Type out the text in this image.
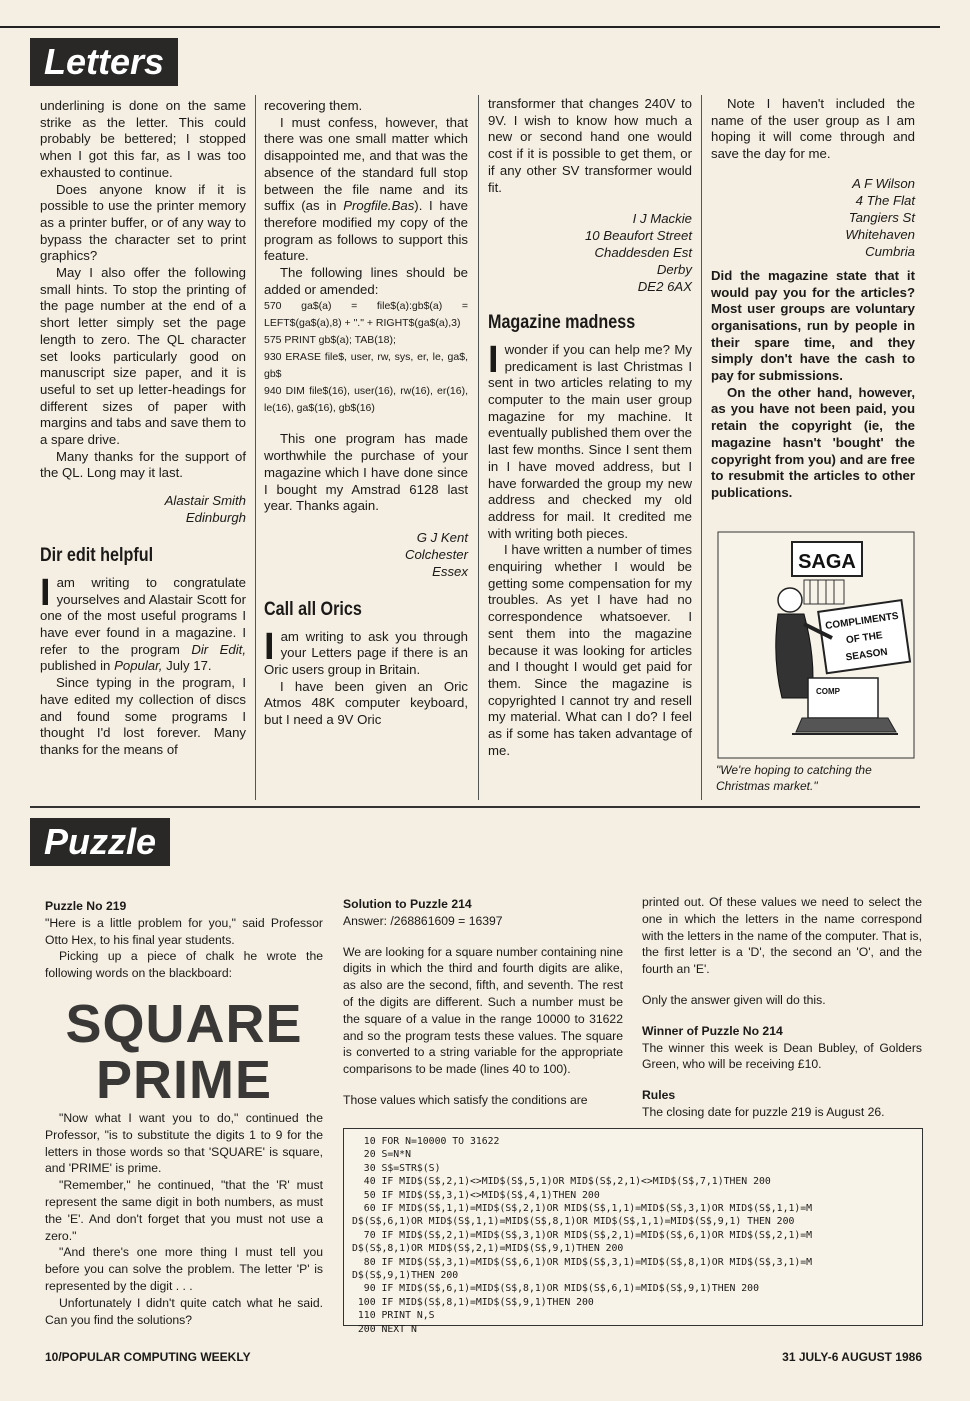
Letters

underlining is done on the same strike as the letter. This could probably be bettered; I stopped when I got this far, as I was too exhausted to continue.

Does anyone know if it is possible to use the printer memory as a printer buffer, or of any way to bypass the character set to print graphics?

May I also offer the following small hints. To stop the printing of the page number at the end of a short letter simply set the page length to zero. The QL character set looks particularly good on manuscript size paper, and it is useful to set up letter-headings for different sizes of paper with margins and tabs and save them to a spare drive.

Many thanks for the support of the QL. Long may it last.

Alastair Smith
Edinburgh
Dir edit helpful

Iam writing to congratulate yourselves and Alastair Scott for one of the most useful programs I have ever found in a magazine. I refer to the program Dir Edit, published in Popular, July 17.

Since typing in the program, I have edited my collection of discs and found some programs I thought I'd lost forever. Many thanks for the means of

recovering them.

I must confess, however, that there was one small matter which disappointed me, and that was the absence of the standard full stop between the file name and its suffix (as in Progfile.Bas). I have therefore modified my copy of the program as follows to support this feature.

The following lines should be added or amended:

570 ga$(a) = file$(a):gb$(a) = LEFT$(ga$(a),8) + "." + RIGHT$(ga$(a),3)

575 PRINT gb$(a); TAB(18);

930 ERASE file$, user, rw, sys, er, le, ga$, gb$

940 DIM file$(16), user(16), rw(16), er(16), le(16), ga$(16), gb$(16)

This one program has made worthwhile the purchase of your magazine which I have done since I bought my Amstrad 6128 last year. Thanks again.

G J Kent
Colchester
Essex
Call all Orics

Iam writing to ask you through your Letters page if there is an Oric users group in Britain.

I have been given an Oric Atmos 48K computer keyboard, but I need a 9V Oric

transformer that changes 240V to 9V. I wish to know how much a new or second hand one would cost if it is possible to get them, or if any other SV transformer would fit.

I J Mackie
10 Beaufort Street
Chaddesden Est
Derby
DE2 6AX
Magazine madness

Iwonder if you can help me? My predicament is last Christmas I sent in two articles relating to my computer to the main user group magazine for my machine. It eventually published them over the last few months. Since I sent them in I have moved address, but I have forwarded the group my new address and checked my old address for mail. It credited me with writing both pieces.

I have written a number of times enquiring whether I would be getting some compensation for my troubles. As yet I have had no correspondence whatsoever. I sent them into the magazine because it was looking for articles and I thought I would get paid for them. Since the magazine is copyrighted I cannot try and resell my material. What can I do? I feel as if some has taken advantage of me.

Note I haven't included the name of the user group as I am hoping it will come through and save the day for me.

A F Wilson
4 The Flat
Tangiers St
Whitehaven
Cumbria

Did the magazine state that it would pay you for the articles? Most user groups are voluntary organisations, run by people in their spare time, and they simply don't have the cash to pay for submissions.

On the other hand, however, as you have not been paid, you retain the copyright (ie, the magazine hasn't 'bought' the copyright from you) and are free to resubmit the articles to other publications.

SAGA
COMPLIMENTS
OF THE
SEASON
COMP
"We're hoping to catching the Christmas market."
Puzzle
Puzzle No 219

"Here is a little problem for you," said Professor Otto Hex, to his final year students.

Picking up a piece of chalk he wrote the following words on the blackboard:

SQUARE
PRIME

"Now what I want you to do," continued the Professor, "is to substitute the digits 1 to 9 for the letters in those words so that 'SQUARE' is square, and 'PRIME' is prime.

"Remember," he continued, "that the 'R' must represent the same digit in both numbers, as must the 'E'. And don't forget that you must not use a zero."

"And there's one more thing I must tell you before you can solve the problem. The letter 'P' is represented by the digit . . .

Unfortunately I didn't quite catch what he said. Can you find the solutions?

Solution to Puzzle 214

Answer: /268861609 = 16397

We are looking for a square number containing nine digits in which the third and fourth digits are alike, as also are the second, fifth, and seventh. The rest of the digits are different. Such a number must be the square of a value in the range 10000 to 31622 and so the program tests these values. The square is converted to a string variable for the appropriate comparisons to be made (lines 40 to 100).

Those values which satisfy the conditions are

printed out. Of these values we need to select the one in which the letters in the name correspond with the letters in the name of the computer. That is, the first letter is a 'D', the second an 'O', and the fourth an 'E'.

Only the answer given will do this.

Winner of Puzzle No 214

The winner this week is Dean Bubley, of Golders Green, who will be receiving £10.

Rules

The closing date for puzzle 219 is August 26.

10 FOR N=10000 TO 31622
20 S=N*N
30 S$=STR$(S)
40 IF MID$(S$,2,1)<>MID$(S$,5,1)OR MID$(S$,2,1)<>MID$(S$,7,1)THEN 200
50 IF MID$(S$,3,1)<>MID$(S$,4,1)THEN 200
60 IF MID$(S$,1,1)=MID$(S$,2,1)OR MID$(S$,1,1)=MID$(S$,3,1)OR MID$(S$,1,1)=M
D$(S$,6,1)OR MID$(S$,1,1)=MID$(S$,8,1)OR MID$(S$,1,1)=MID$(S$,9,1) THEN 200
70 IF MID$(S$,2,1)=MID$(S$,3,1)OR MID$(S$,2,1)=MID$(S$,6,1)OR MID$(S$,2,1)=M
D$(S$,8,1)OR MID$(S$,2,1)=MID$(S$,9,1)THEN 200
80 IF MID$(S$,3,1)=MID$(S$,6,1)OR MID$(S$,3,1)=MID$(S$,8,1)OR MID$(S$,3,1)=M
D$(S$,9,1)THEN 200
90 IF MID$(S$,6,1)=MID$(S$,8,1)OR MID$(S$,6,1)=MID$(S$,9,1)THEN 200
100 IF MID$(S$,8,1)=MID$(S$,9,1)THEN 200
110 PRINT N,S
200 NEXT N
10/POPULAR COMPUTING WEEKLY	31 JULY-6 AUGUST 1986
